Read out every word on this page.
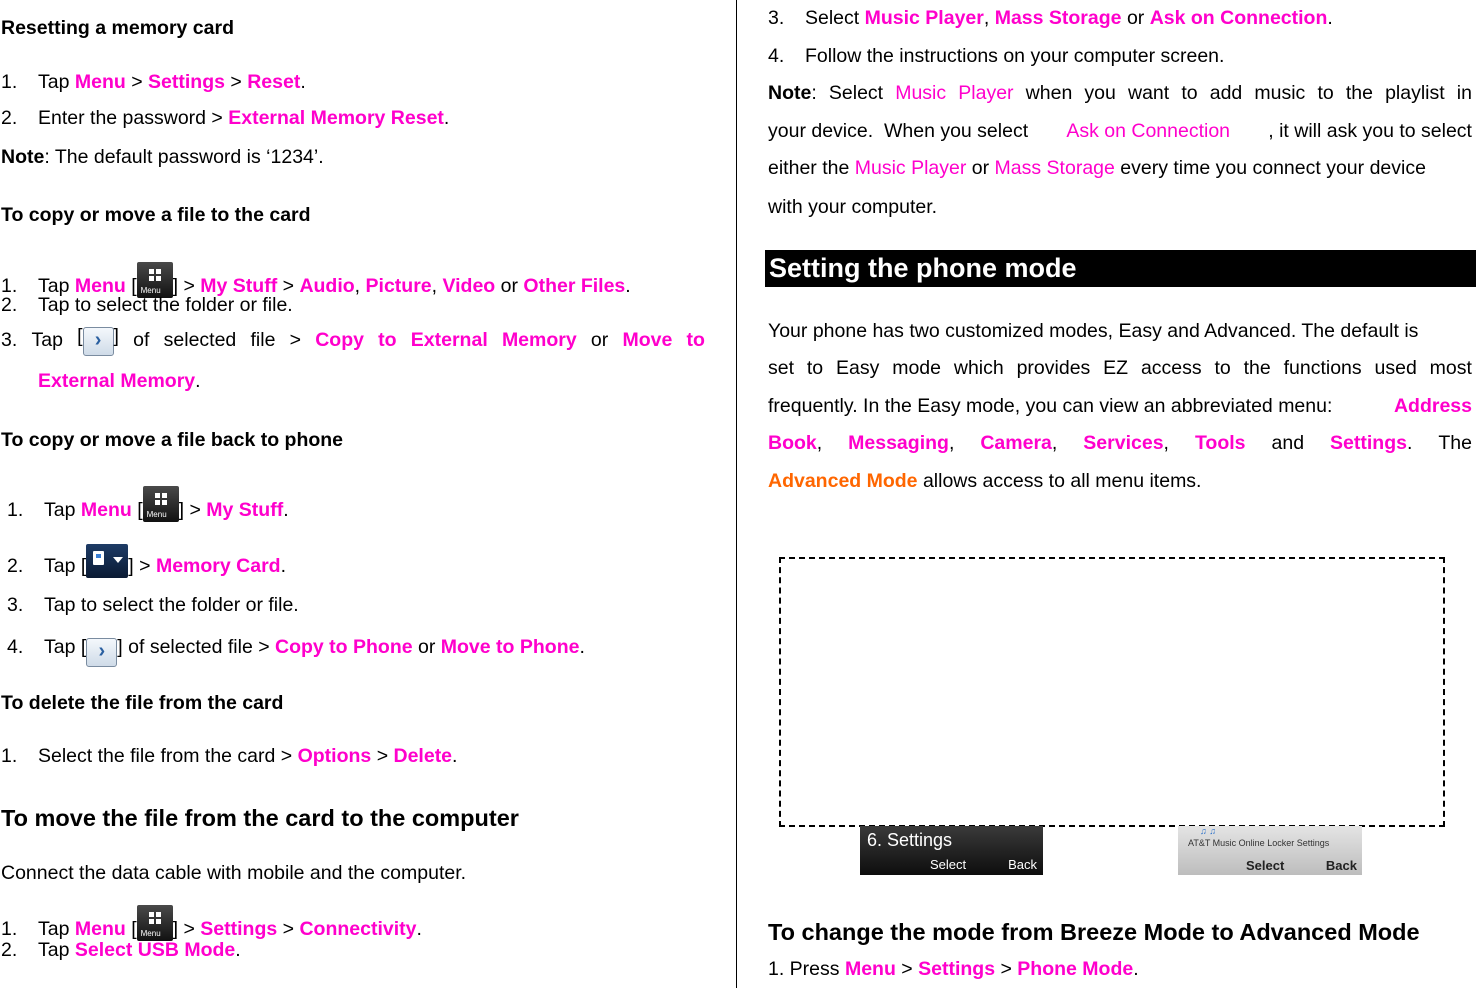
Resetting a memory card
1. Tap Menu > Settings > Reset.
2. Enter the password > External Memory Reset.
Note: The default password is ‘1234’.
To copy or move a file to the card
1. Tap Menu [ Menu ] > My Stuff > Audio, Picture, Video or Other Files.
2. Tap to select the folder or file.
3. Tap [ › ] of selected file > Copy to External Memory or Move to
External Memory.
To copy or move a file back to phone
1. Tap Menu [ Menu ] > My Stuff.
2. Tap [ ] > Memory Card.
3. Tap to select the folder or file.
4. Tap [ › ] of selected file > Copy to Phone or Move to Phone.
To delete the file from the card
1. Select the file from the card > Options > Delete.
To move the file from the card to the computer
Connect the data cable with mobile and the computer.
1. Tap Menu [ Menu ] > Settings > Connectivity.
2. Tap Select USB Mode.
3. Select Music Player, Mass Storage or Ask on Connection.
4. Follow the instructions on your computer screen.
Note: Select Music Player when you want to add music to the playlist in
your device.  When you select Ask on Connection , it will ask you to select
either the Music Player or Mass Storage every time you connect your device
with your computer.
Setting the phone mode
Your phone has two customized modes, Easy and Advanced. The default is
set to Easy mode which provides EZ access to the functions used most
frequently. In the Easy mode, you can view an abbreviated menu:	Address
Book, Messaging, Camera, Services, Tools and Settings. The
Advanced Mode allows access to all menu items.
6. Settings
Select	Back
♫ ♫
AT&T Music Online Locker Settings
Select	Back
To change the mode from Breeze Mode to Advanced Mode
1. Press Menu > Settings > Phone Mode.
